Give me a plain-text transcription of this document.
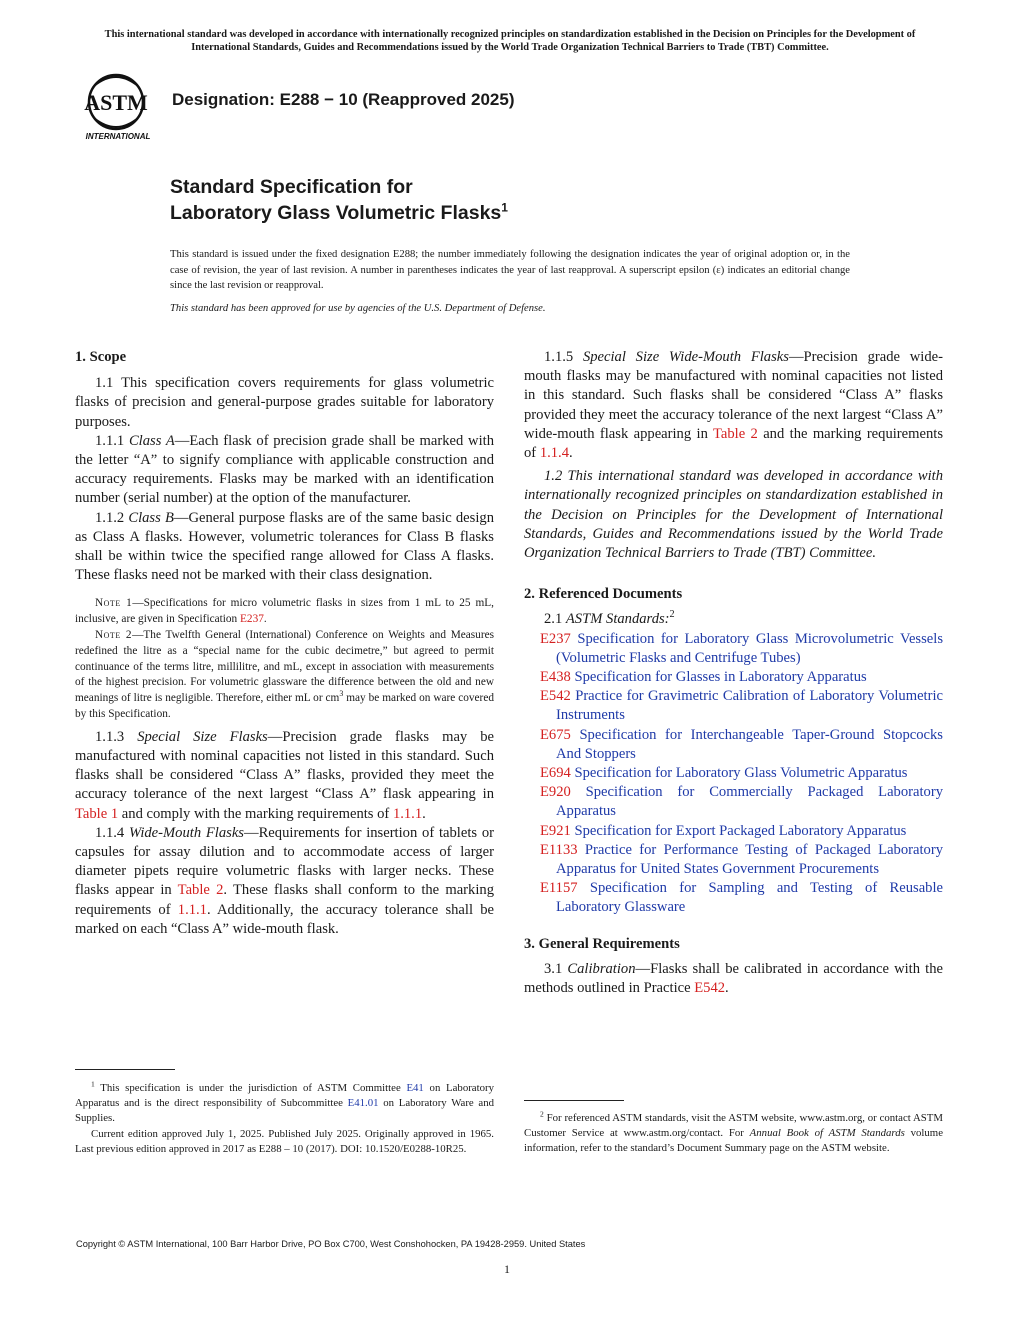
This international standard was developed in accordance with internationally recognized principles on standardization established in the Decision on Principles for the Development of International Standards, Guides and Recommendations issued by the World Trade Organization Technical Barriers to Trade (TBT) Committee.
ASTM
INTERNATIONAL
Designation: E288 − 10 (Reapproved 2025)
Standard Specification for
Laboratory Glass Volumetric Flasks$^1$
This standard is issued under the fixed designation E288; the number immediately following the designation indicates the year of original adoption or, in the case of revision, the year of last revision. A number in parentheses indicates the year of last reapproval. A superscript epsilon (ε) indicates an editorial change since the last revision or reapproval.
This standard has been approved for use by agencies of the U.S. Department of Defense.

1. Scope

1.1 This specification covers requirements for glass volumetric flasks of precision and general-purpose grades suitable for laboratory purposes.

1.1.1 Class A—Each flask of precision grade shall be marked with the letter “A” to signify compliance with applicable construction and accuracy requirements. Flasks may be marked with an identification number (serial number) at the option of the manufacturer.

1.1.2 Class B—General purpose flasks are of the same basic design as Class A flasks. However, volumetric tolerances for Class B flasks shall be within twice the specified range allowed for Class A flasks. These flasks need not be marked with their class designation.

Note 1—Specifications for micro volumetric flasks in sizes from 1 mL to 25 mL, inclusive, are given in Specification E237.

Note 2—The Twelfth General (International) Conference on Weights and Measures redefined the litre as a “special name for the cubic decimetre,” but agreed to permit continuance of the terms litre, millilitre, and mL, except in association with measurements of the highest precision. For volumetric glassware the difference between the old and new meanings of litre is negligible. Therefore, either mL or $cm^3$ may be marked on ware covered by this Specification.

1.1.3 Special Size Flasks—Precision grade flasks may be manufactured with nominal capacities not listed in this standard. Such flasks shall be considered “Class A” flasks, provided they meet the accuracy tolerance of the next largest “Class A” flask appearing in Table 1 and comply with the marking requirements of 1.1.1.

1.1.4 Wide-Mouth Flasks—Requirements for insertion of tablets or capsules for assay dilution and to accommodate access of larger diameter pipets require volumetric flasks with larger necks. These flasks appear in Table 2. These flasks shall conform to the marking requirements of 1.1.1. Additionally, the accuracy tolerance shall be marked on each “Class A” wide-mouth flask.

$^1$ This specification is under the jurisdiction of ASTM Committee E41 on Laboratory Apparatus and is the direct responsibility of Subcommittee E41.01 on Laboratory Ware and Supplies.
Current edition approved July 1, 2025. Published July 2025. Originally approved in 1965. Last previous edition approved in 2017 as E288 – 10 (2017). DOI: 10.1520/E0288-10R25.

1.1.5 Special Size Wide-Mouth Flasks—Precision grade wide-mouth flasks may be manufactured with nominal capacities not listed in this standard. Such flasks shall be considered “Class A” flasks provided they meet the accuracy tolerance of the next largest “Class A” wide-mouth flask appearing in Table 2 and the marking requirements of 1.1.4.

1.2 This international standard was developed in accordance with internationally recognized principles on standardization established in the Decision on Principles for the Development of International Standards, Guides and Recommendations issued by the World Trade Organization Technical Barriers to Trade (TBT) Committee.

2. Referenced Documents

2.1 ASTM Standards:$^2$

E237 Specification for Laboratory Glass Microvolumetric Vessels (Volumetric Flasks and Centrifuge Tubes)

E438 Specification for Glasses in Laboratory Apparatus

E542 Practice for Gravimetric Calibration of Laboratory Volumetric Instruments

E675 Specification for Interchangeable Taper-Ground Stopcocks And Stoppers

E694 Specification for Laboratory Glass Volumetric Apparatus

E920 Specification for Commercially Packaged Laboratory Apparatus

E921 Specification for Export Packaged Laboratory Apparatus

E1133 Practice for Performance Testing of Packaged Laboratory Apparatus for United States Government Procurements

E1157 Specification for Sampling and Testing of Reusable Laboratory Glassware

3. General Requirements

3.1 Calibration—Flasks shall be calibrated in accordance with the methods outlined in Practice E542.

$^2$ For referenced ASTM standards, visit the ASTM website, www.astm.org, or contact ASTM Customer Service at www.astm.org/contact. For Annual Book of ASTM Standards volume information, refer to the standard’s Document Summary page on the ASTM website.
Copyright © ASTM International, 100 Barr Harbor Drive, PO Box C700, West Conshohocken, PA 19428-2959. United States
1
